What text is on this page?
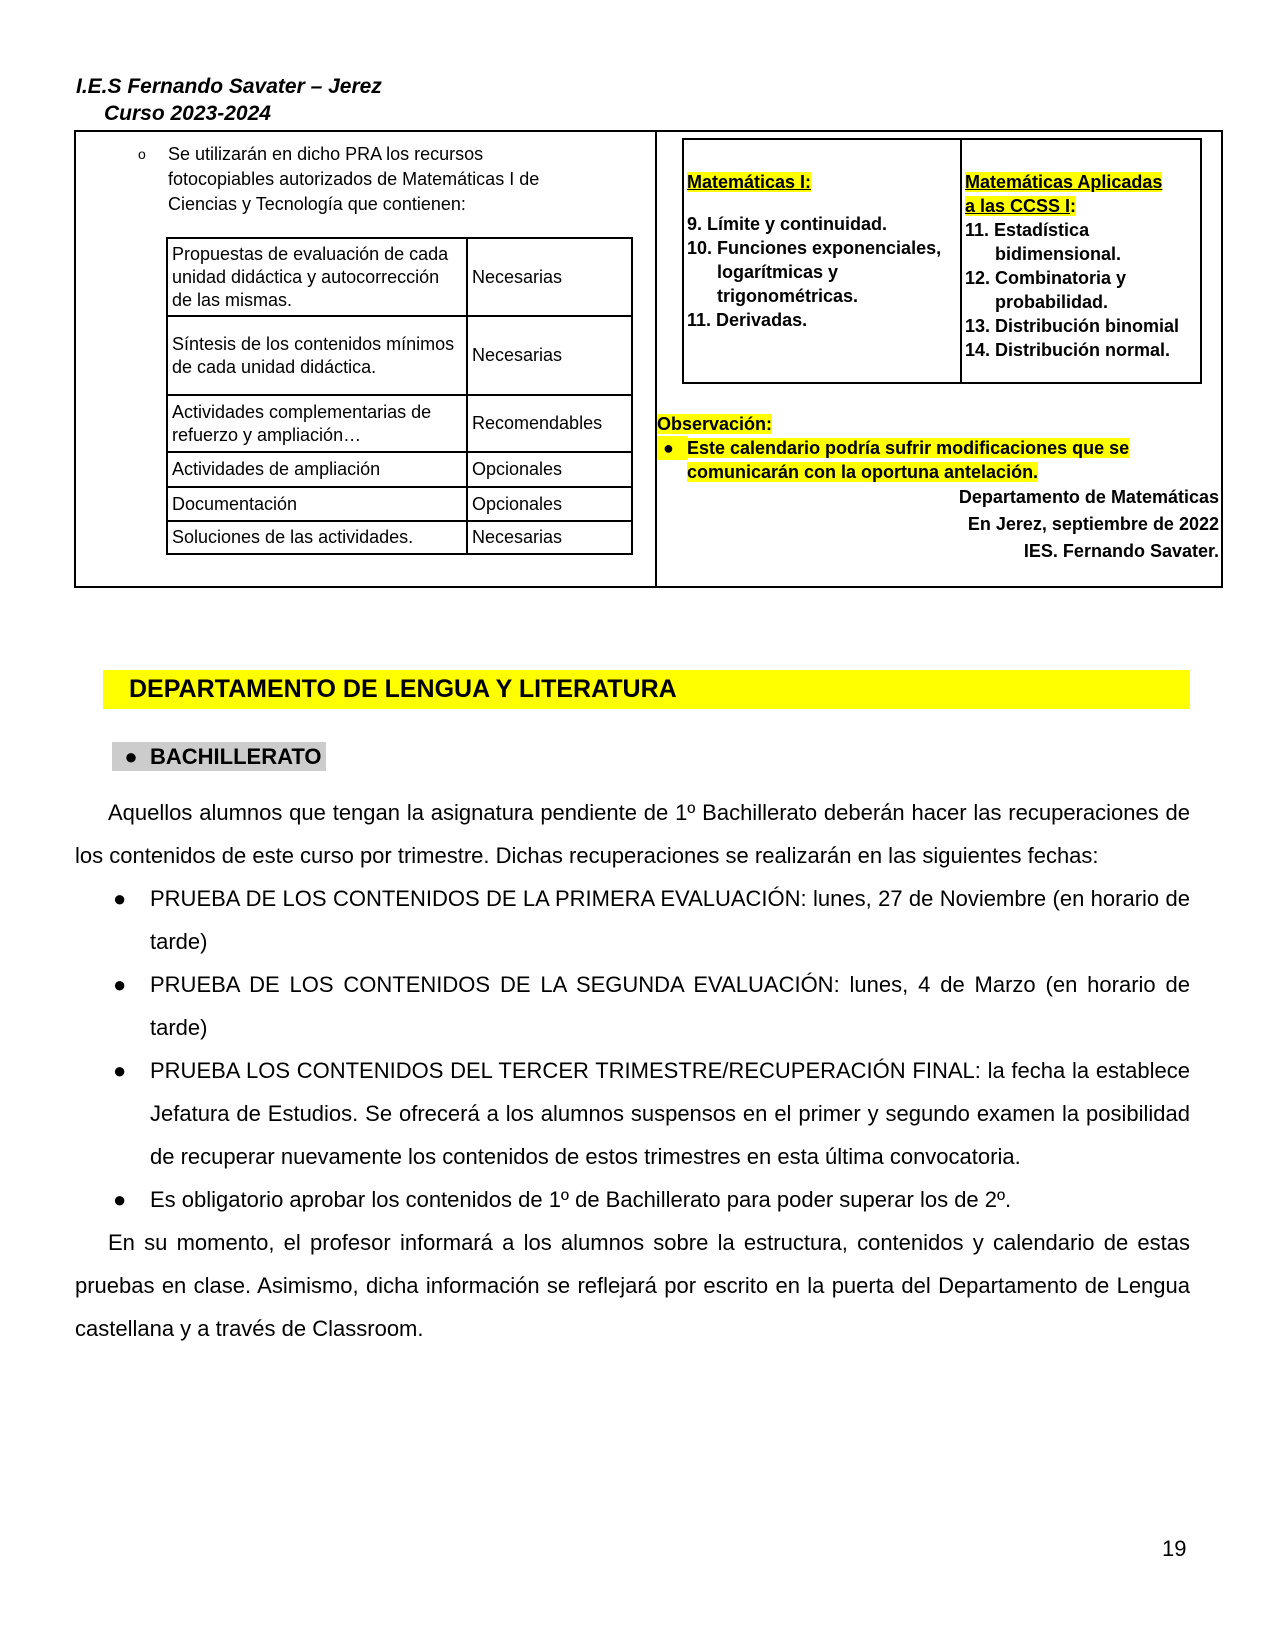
I.E.S Fernando Savater – Jerez
Curso 2023-2024
o Se utilizarán en dicho PRA los recursos fotocopiables autorizados de Matemáticas I de Ciencias y Tecnología que contienen:
Propuestas de evaluación de cada unidad didáctica y autocorrección de las mismas.	Necesarias
Síntesis de los contenidos mínimos de cada unidad didáctica.	Necesarias
Actividades complementarias de refuerzo y ampliación…	Recomendables
Actividades de ampliación	Opcionales
Documentación	Opcionales
Soluciones de las actividades.	Necesarias
Matemáticas I:
9. Límite y continuidad.
10. Funciones exponenciales, logarítmicas y trigonométricas.
11. Derivadas.

Matemáticas Aplicadas
a las CCSS I:
11. Estadística bidimensional.
12. Combinatoria y probabilidad.
13. Distribución binomial
14. Distribución normal.
Observación:
● Este calendario podría sufrir modificaciones que se
comunicarán con la oportuna antelación.
Departamento de Matemáticas
En Jerez, septiembre de 2022
IES. Fernando Savater.
DEPARTAMENTO DE LENGUA Y LITERATURA
● BACHILLERATO

Aquellos alumnos que tengan la asignatura pendiente de 1º Bachillerato deberán hacer las recuperaciones de los contenidos de este curso por trimestre. Dichas recuperaciones se realizarán en las siguientes fechas:

● PRUEBA DE LOS CONTENIDOS DE LA PRIMERA EVALUACIÓN: lunes, 27 de Noviembre (en horario de tarde)
● PRUEBA DE LOS CONTENIDOS DE LA SEGUNDA EVALUACIÓN: lunes, 4 de Marzo (en horario de tarde)
● PRUEBA LOS CONTENIDOS DEL TERCER TRIMESTRE/RECUPERACIÓN FINAL: la fecha la establece Jefatura de Estudios. Se ofrecerá a los alumnos suspensos en el primer y segundo examen la posibilidad de recuperar nuevamente los contenidos de estos trimestres en esta última convocatoria.
● Es obligatorio aprobar los contenidos de 1º de Bachillerato para poder superar los de 2º.

En su momento, el profesor informará a los alumnos sobre la estructura, contenidos y calendario de estas pruebas en clase. Asimismo, dicha información se reflejará por escrito en la puerta del Departamento de Lengua castellana y a través de Classroom.

19
